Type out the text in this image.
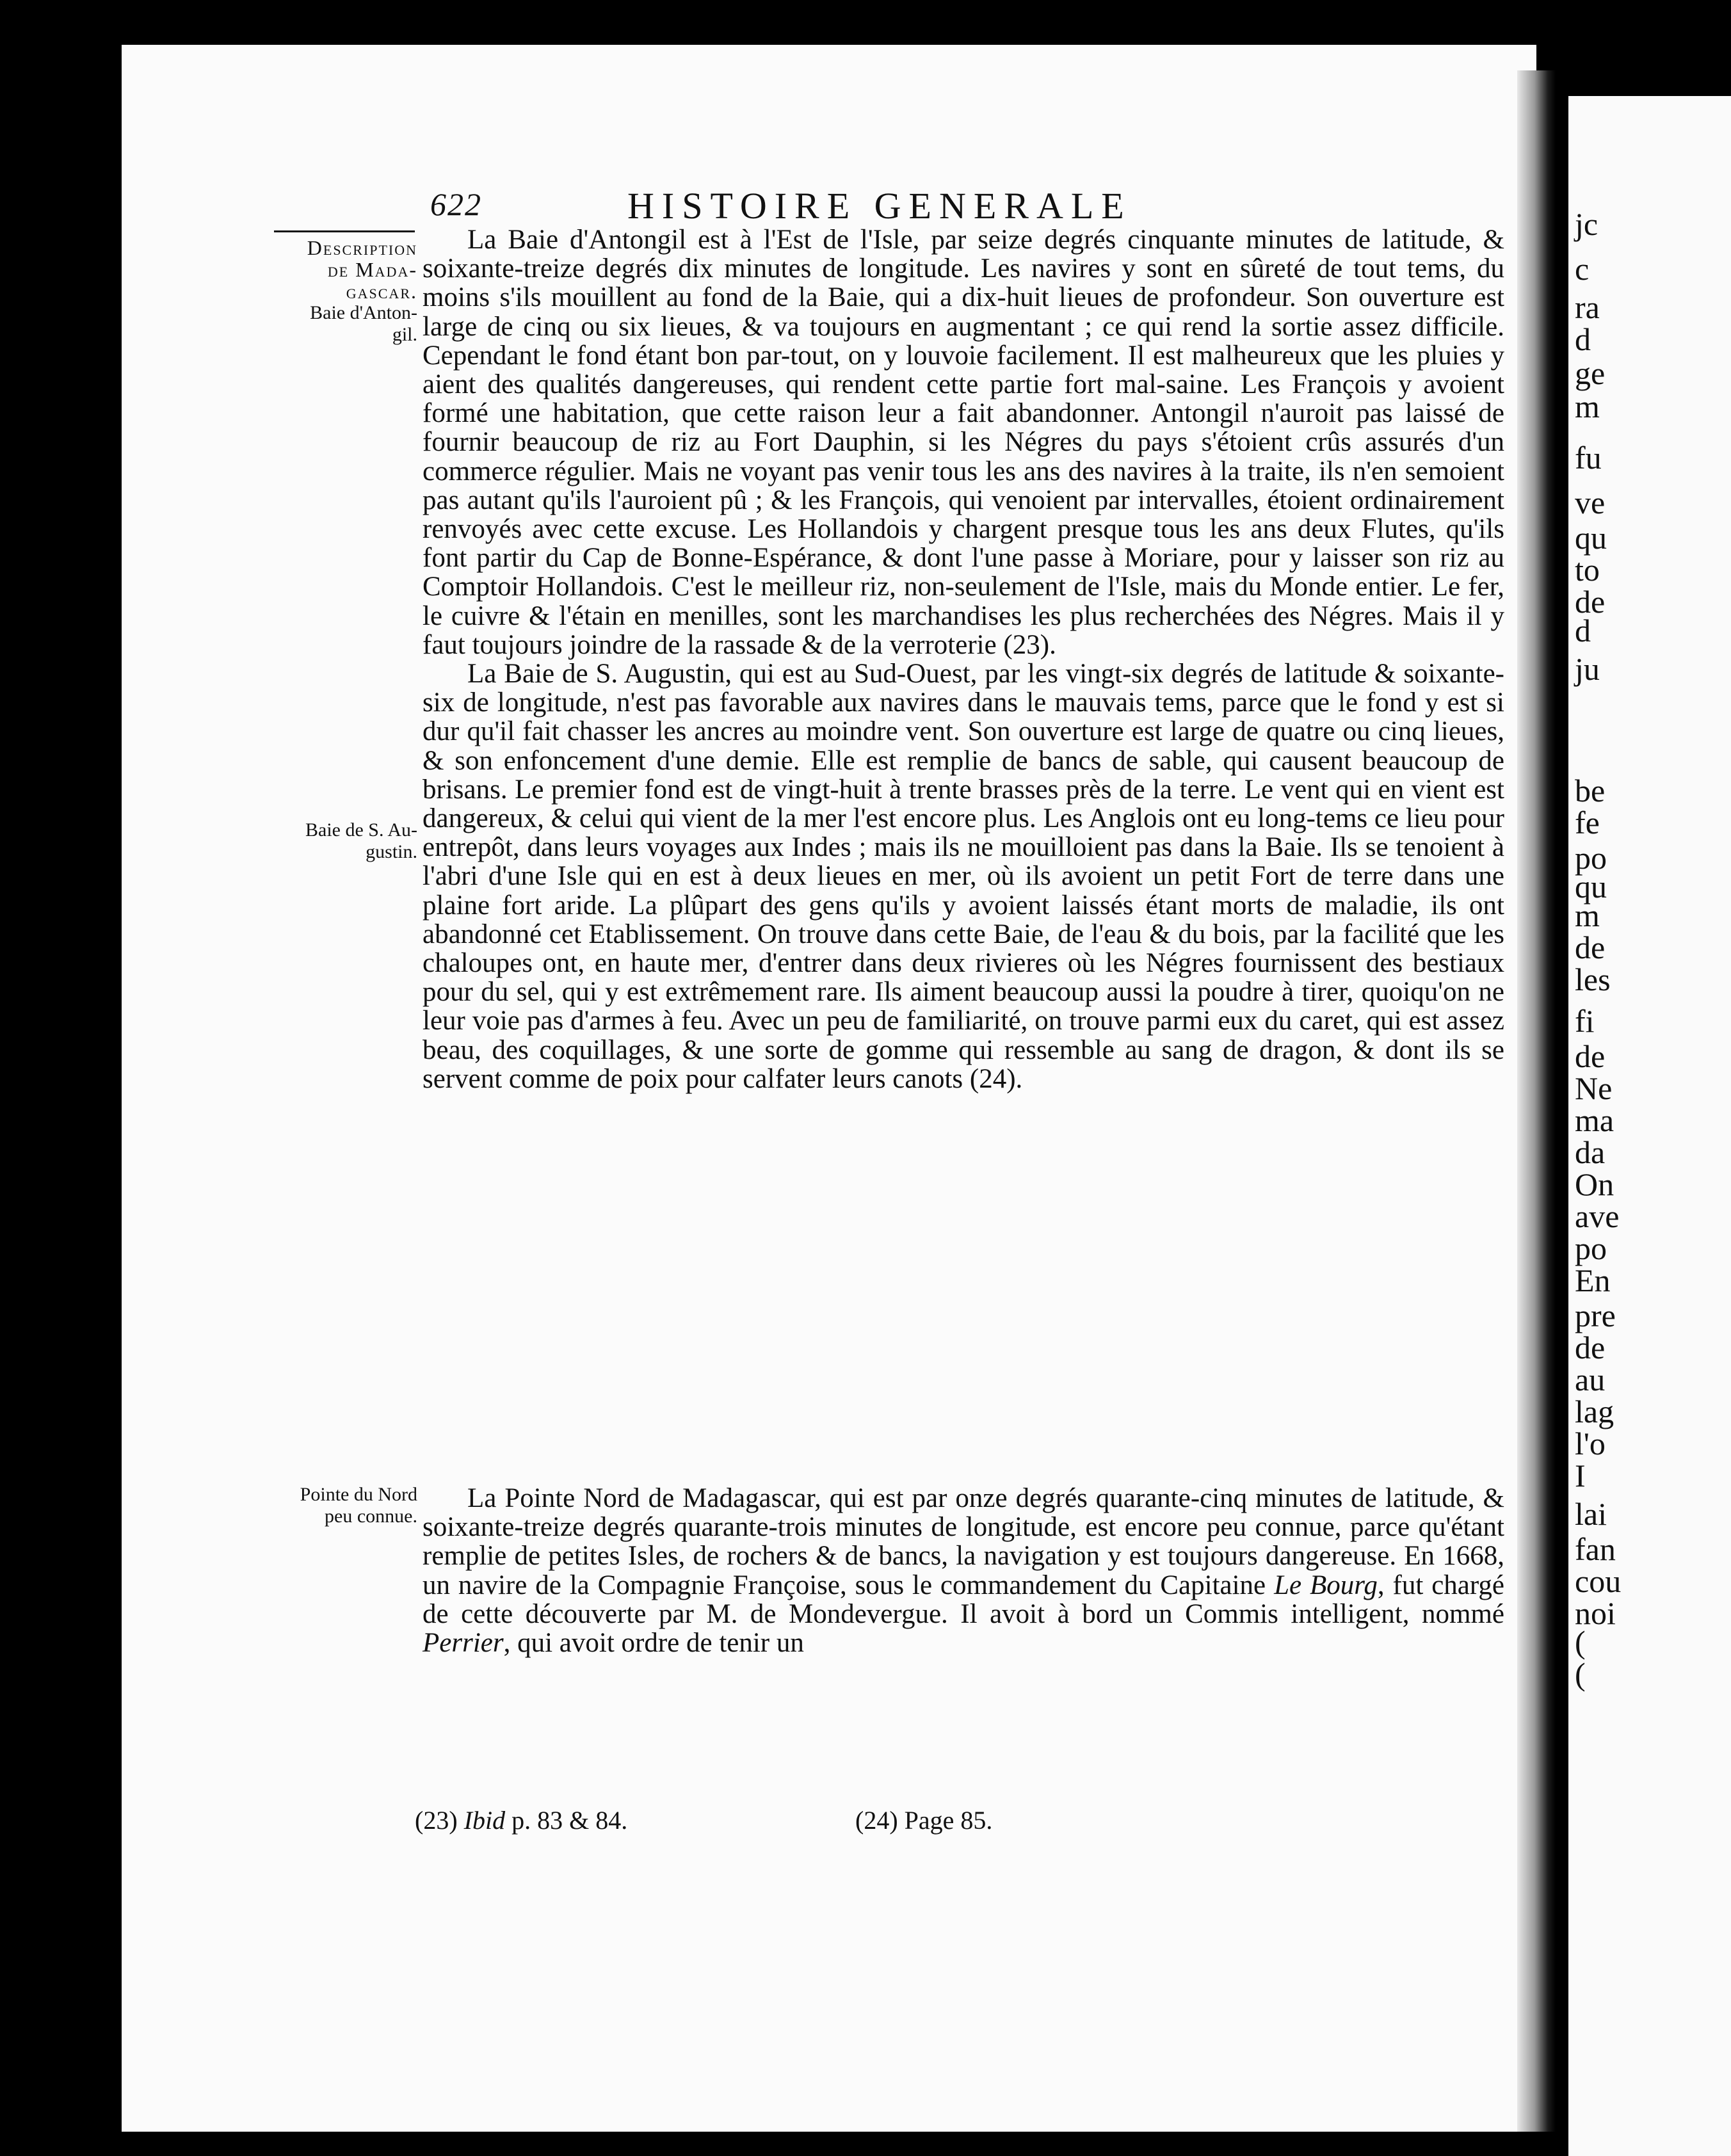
622	HISTOIRE GENERALE
Description
de Mada-
gascar.
Baie d'Anton-
gil.
Baie de S. Au-
gustin.
Pointe du Nord
peu connue.

La Baie d'Antongil est à l'Est de l'Isle, par seize degrés cinquante minutes de latitude, & soixante-treize degrés dix minutes de longitude. Les navires y sont en sûreté de tout tems, du moins s'ils mouillent au fond de la Baie, qui a dix-huit lieues de profondeur. Son ouverture est large de cinq ou six lieues, & va toujours en augmentant ; ce qui rend la sortie assez difficile. Cependant le fond étant bon par-tout, on y louvoie facilement. Il est malheureux que les pluies y aient des qualités dangereuses, qui rendent cette partie fort mal-saine. Les François y avoient formé une habitation, que cette raison leur a fait abandonner. Antongil n'auroit pas laissé de fournir beaucoup de riz au Fort Dauphin, si les Négres du pays s'étoient crûs assurés d'un commerce régulier. Mais ne voyant pas venir tous les ans des navires à la traite, ils n'en semoient pas autant qu'ils l'auroient pû ; & les François, qui venoient par intervalles, étoient ordinairement renvoyés avec cette excuse. Les Hollandois y chargent presque tous les ans deux Flutes, qu'ils font partir du Cap de Bonne-Espérance, & dont l'une passe à Moriare, pour y laisser son riz au Comptoir Hollandois. C'est le meilleur riz, non-seulement de l'Isle, mais du Monde entier. Le fer, le cuivre & l'étain en menilles, sont les marchandises les plus recherchées des Négres. Mais il y faut toujours joindre de la rassade & de la verroterie (23).

La Baie de S. Augustin, qui est au Sud-Ouest, par les vingt-six degrés de latitude & soixante-six de longitude, n'est pas favorable aux navires dans le mauvais tems, parce que le fond y est si dur qu'il fait chasser les ancres au moindre vent. Son ouverture est large de quatre ou cinq lieues, & son enfoncement d'une demie. Elle est remplie de bancs de sable, qui causent beaucoup de brisans. Le premier fond est de vingt-huit à trente brasses près de la terre. Le vent qui en vient est dangereux, & celui qui vient de la mer l'est encore plus. Les Anglois ont eu long-tems ce lieu pour entrepôt, dans leurs voyages aux Indes ; mais ils ne mouilloient pas dans la Baie. Ils se tenoient à l'abri d'une Isle qui en est à deux lieues en mer, où ils avoient un petit Fort de terre dans une plaine fort aride. La plûpart des gens qu'ils y avoient laissés étant morts de maladie, ils ont abandonné cet Etablissement. On trouve dans cette Baie, de l'eau & du bois, par la facilité que les chaloupes ont, en haute mer, d'entrer dans deux rivieres où les Négres fournissent des bestiaux pour du sel, qui y est extrêmement rare. Ils aiment beaucoup aussi la poudre à tirer, quoiqu'on ne leur voie pas d'armes à feu. Avec un peu de familiarité, on trouve parmi eux du caret, qui est assez beau, des coquillages, & une sorte de gomme qui ressemble au sang de dragon, & dont ils se servent comme de poix pour calfater leurs canots (24).

La Pointe Nord de Madagascar, qui est par onze degrés quarante-cinq minutes de latitude, & soixante-treize degrés quarante-trois minutes de longitude, est encore peu connue, parce qu'étant remplie de petites Isles, de rochers & de bancs, la navigation y est toujours dangereuse. En 1668, un navire de la Compagnie Françoise, sous le commandement du Capitaine Le Bourg, fut chargé de cette découverte par M. de Mondevergue. Il avoit à bord un Commis intelligent, nommé Perrier, qui avoit ordre de tenir un

(23) Ibid p. 83 & 84.	(24) Page 85.
jc
c
ra
d
ge
m
fu
ve
qu
to
de
d
ju
be
fe
po
qu
m
de
les
fi
de
Ne
ma
da
On
ave
po
En
pre
de
au
lag
l'o
I
lai
fan
cou
noi
(
(
